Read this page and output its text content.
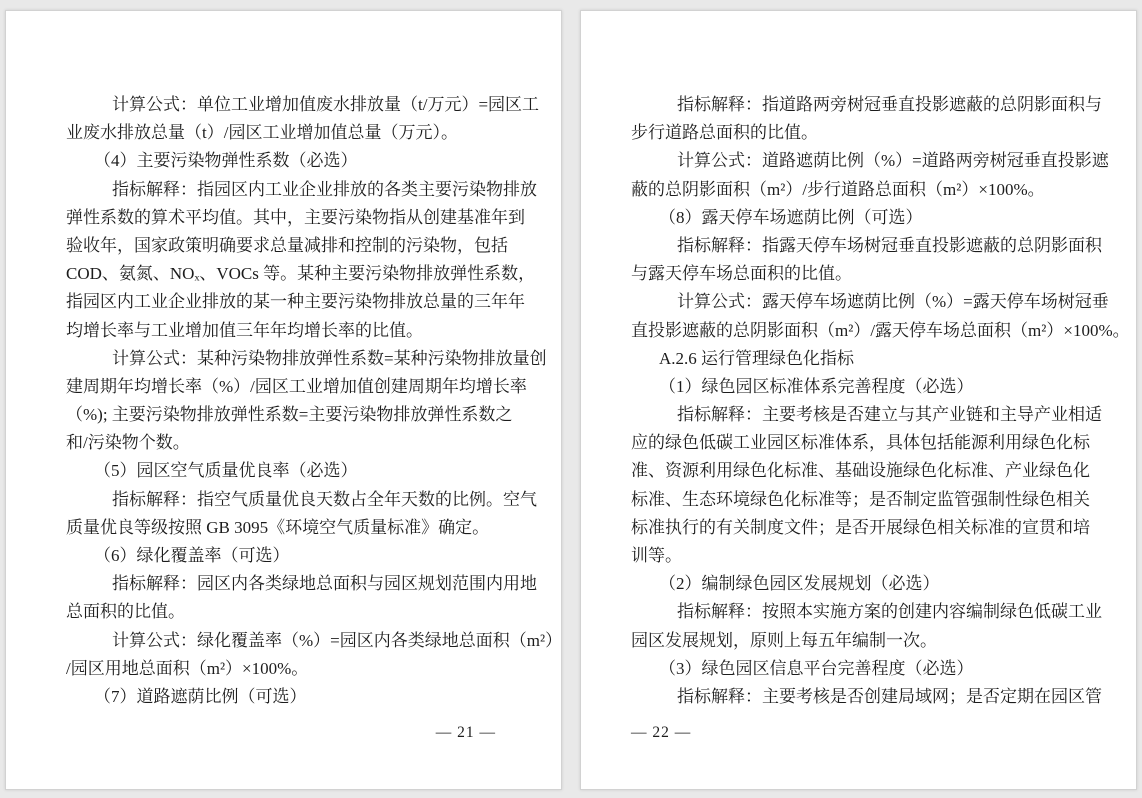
计算公式：单位工业增加值废水排放量（t/万元）=园区工
业废水排放总量（t）/园区工业增加值总量（万元）。
（4）主要污染物弹性系数（必选）
指标解释：指园区内工业企业排放的各类主要污染物排放
弹性系数的算术平均值。其中，主要污染物指从创建基准年到
验收年，国家政策明确要求总量减排和控制的污染物，包括
COD、氨氮、NOₓ、VOCs 等。某种主要污染物排放弹性系数，
指园区内工业企业排放的某一种主要污染物排放总量的三年年
均增长率与工业增加值三年年均增长率的比值。
计算公式：某种污染物排放弹性系数=某种污染物排放量创
建周期年均增长率（%）/园区工业增加值创建周期年均增长率
（%); 主要污染物排放弹性系数=主要污染物排放弹性系数之
和/污染物个数。
（5）园区空气质量优良率（必选）
指标解释：指空气质量优良天数占全年天数的比例。空气
质量优良等级按照 GB 3095《环境空气质量标准》确定。
（6）绿化覆盖率（可选）
指标解释：园区内各类绿地总面积与园区规划范围内用地
总面积的比值。
计算公式：绿化覆盖率（%）=园区内各类绿地总面积（m²）
/园区用地总面积（m²）×100%。
（7）道路遮荫比例（可选）
— 21 —
指标解释：指道路两旁树冠垂直投影遮蔽的总阴影面积与
步行道路总面积的比值。
计算公式：道路遮荫比例（%）=道路两旁树冠垂直投影遮
蔽的总阴影面积（m²）/步行道路总面积（m²）×100%。
（8）露天停车场遮荫比例（可选）
指标解释：指露天停车场树冠垂直投影遮蔽的总阴影面积
与露天停车场总面积的比值。
计算公式：露天停车场遮荫比例（%）=露天停车场树冠垂
直投影遮蔽的总阴影面积（m²）/露天停车场总面积（m²）×100%。
A.2.6 运行管理绿色化指标
（1）绿色园区标准体系完善程度（必选）
指标解释：主要考核是否建立与其产业链和主导产业相适
应的绿色低碳工业园区标准体系，具体包括能源利用绿色化标
准、资源利用绿色化标准、基础设施绿色化标准、产业绿色化
标准、生态环境绿色化标准等；是否制定监管强制性绿色相关
标准执行的有关制度文件；是否开展绿色相关标准的宣贯和培
训等。
（2）编制绿色园区发展规划（必选）
指标解释：按照本实施方案的创建内容编制绿色低碳工业
园区发展规划，原则上每五年编制一次。
（3）绿色园区信息平台完善程度（必选）
指标解释：主要考核是否创建局域网；是否定期在园区管
— 22 —
